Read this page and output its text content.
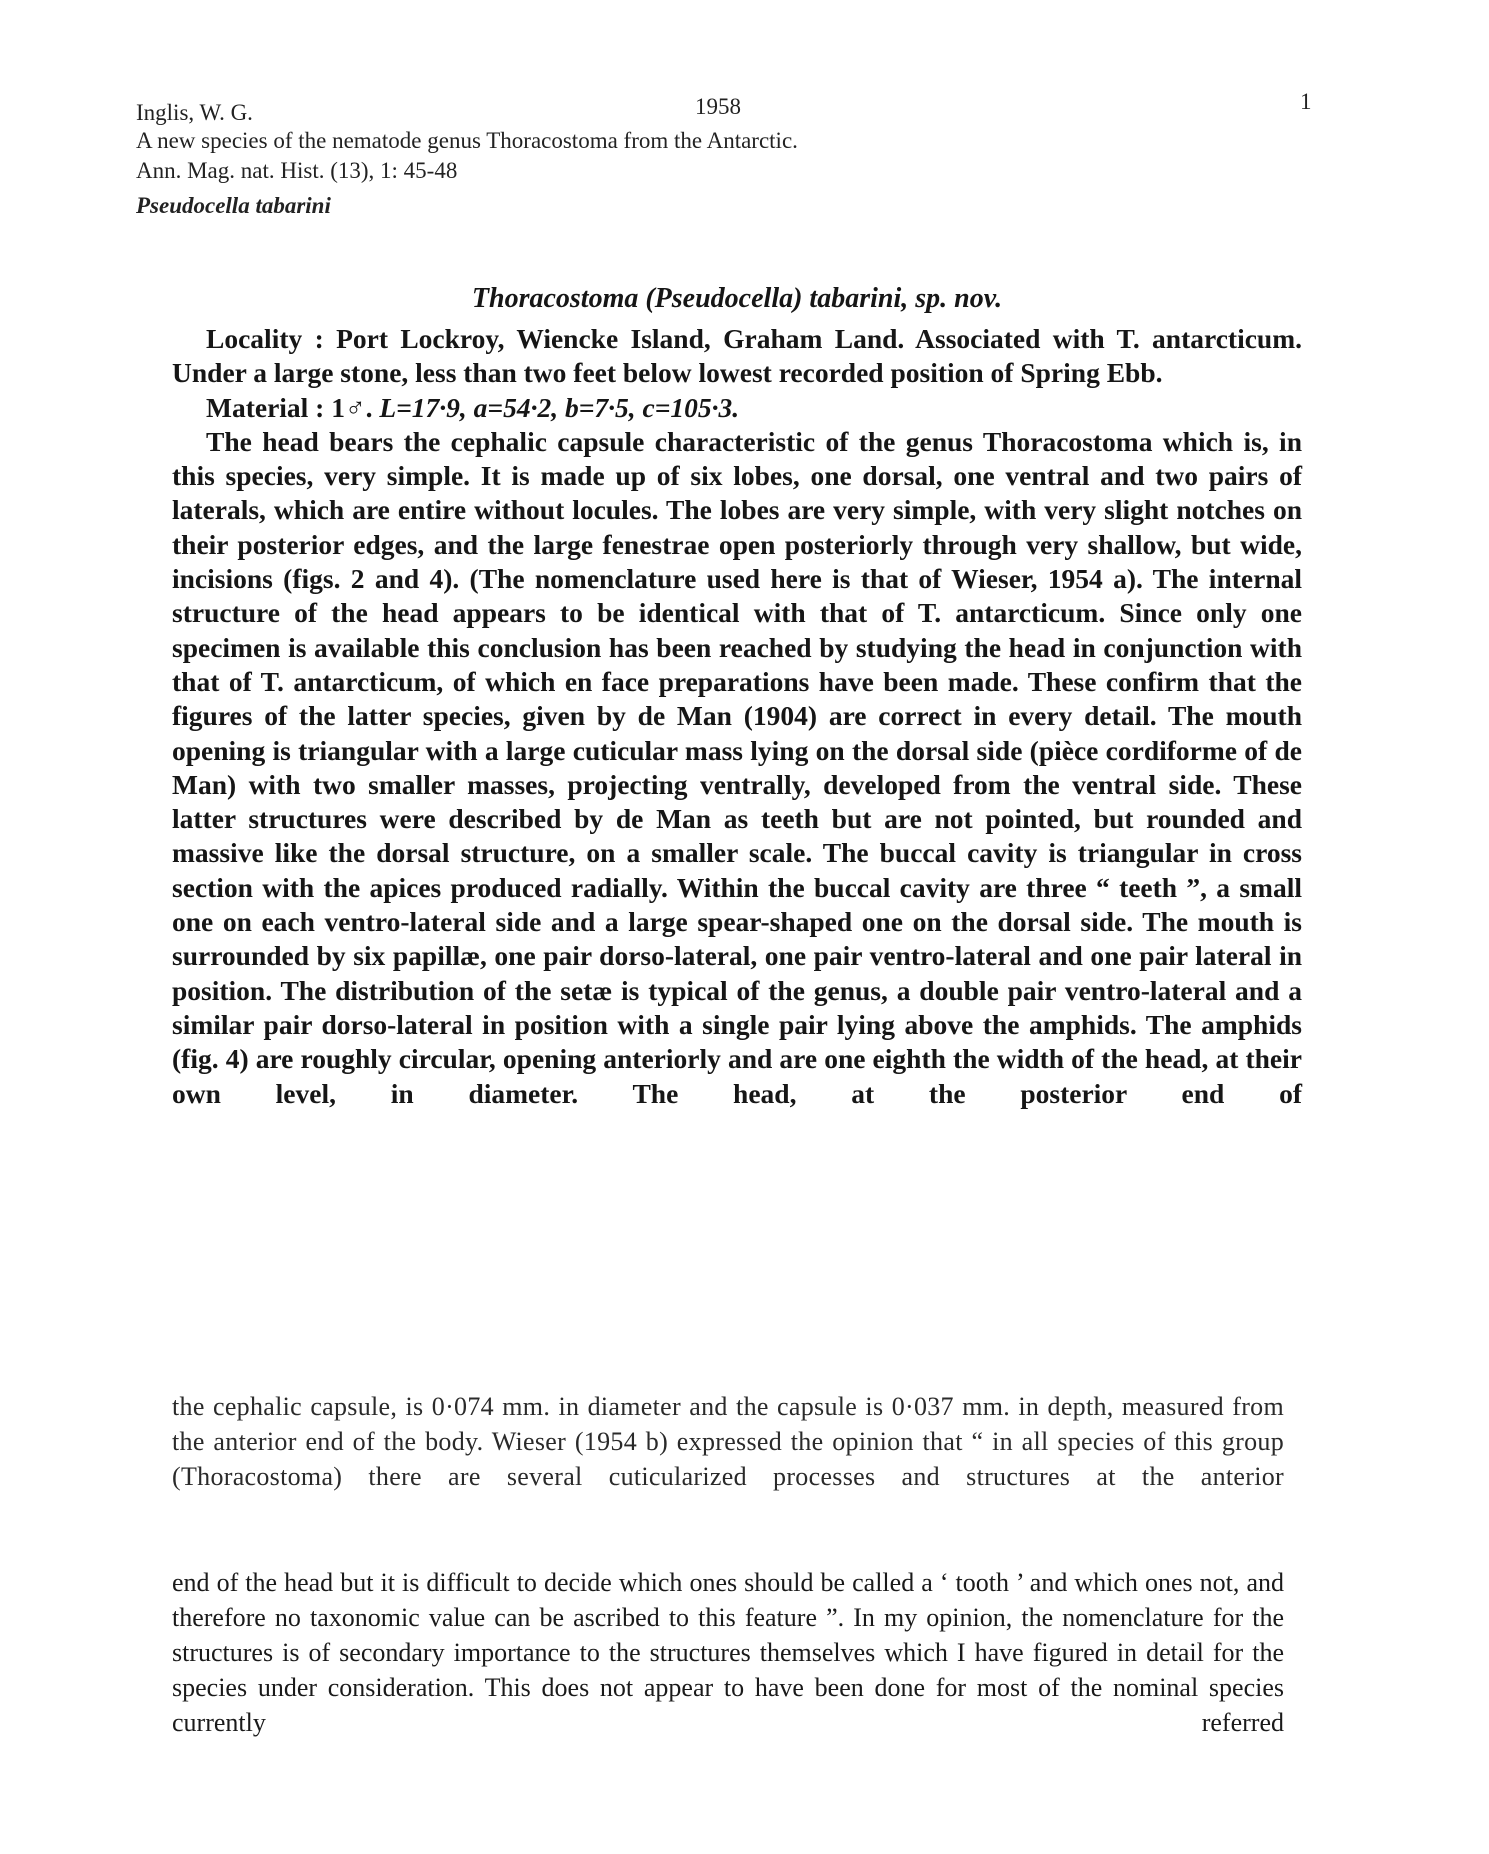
Inglis, W. G.	1958	1
A new species of the nematode genus Thoracostoma from the Antarctic.
Ann. Mag. nat. Hist. (13), 1: 45-48
Pseudocella tabarini
Thoracostoma (Pseudocella) tabarini, sp. nov.

Locality : Port Lockroy, Wiencke Island, Graham Land. Associated with T. antarcticum. Under a large stone, less than two feet below lowest recorded position of Spring Ebb.

Material : 1♂. L=17·9, a=54·2, b=7·5, c=105·3.

The head bears the cephalic capsule characteristic of the genus Thoracostoma which is, in this species, very simple. It is made up of six lobes, one dorsal, one ventral and two pairs of laterals, which are entire without locules. The lobes are very simple, with very slight notches on their posterior edges, and the large fenestrae open posteriorly through very shallow, but wide, incisions (figs. 2 and 4). (The nomenclature used here is that of Wieser, 1954 a). The internal structure of the head appears to be identical with that of T. antarcticum. Since only one specimen is available this conclusion has been reached by studying the head in conjunction with that of T. antarcticum, of which en face preparations have been made. These confirm that the figures of the latter species, given by de Man (1904) are correct in every detail. The mouth opening is triangular with a large cuticular mass lying on the dorsal side (pièce cordiforme of de Man) with two smaller masses, projecting ventrally, developed from the ventral side. These latter structures were described by de Man as teeth but are not pointed, but rounded and massive like the dorsal structure, on a smaller scale. The buccal cavity is triangular in cross section with the apices produced radially. Within the buccal cavity are three “ teeth ”, a small one on each ventro-lateral side and a large spear-shaped one on the dorsal side. The mouth is surrounded by six papillæ, one pair dorso-lateral, one pair ventro-lateral and one pair lateral in position. The distribution of the setæ is typical of the genus, a double pair ventro-lateral and a similar pair dorso-lateral in position with a single pair lying above the amphids. The amphids (fig. 4) are roughly circular, opening anteriorly and are one eighth the width of the head, at their own level, in diameter. The head, at the posterior end of

the cephalic capsule, is 0·074 mm. in diameter and the capsule is 0·037 mm. in depth, measured from the anterior end of the body. Wieser (1954 b) expressed the opinion that “ in all species of this group (Thoracostoma) there are several cuticularized processes and structures at the anterior

end of the head but it is difficult to decide which ones should be called a ‘ tooth ’ and which ones not, and therefore no taxonomic value can be ascribed to this feature ”. In my opinion, the nomenclature for the structures is of secondary importance to the structures themselves which I have figured in detail for the species under consideration. This does not appear to have been done for most of the nominal species currently referred
